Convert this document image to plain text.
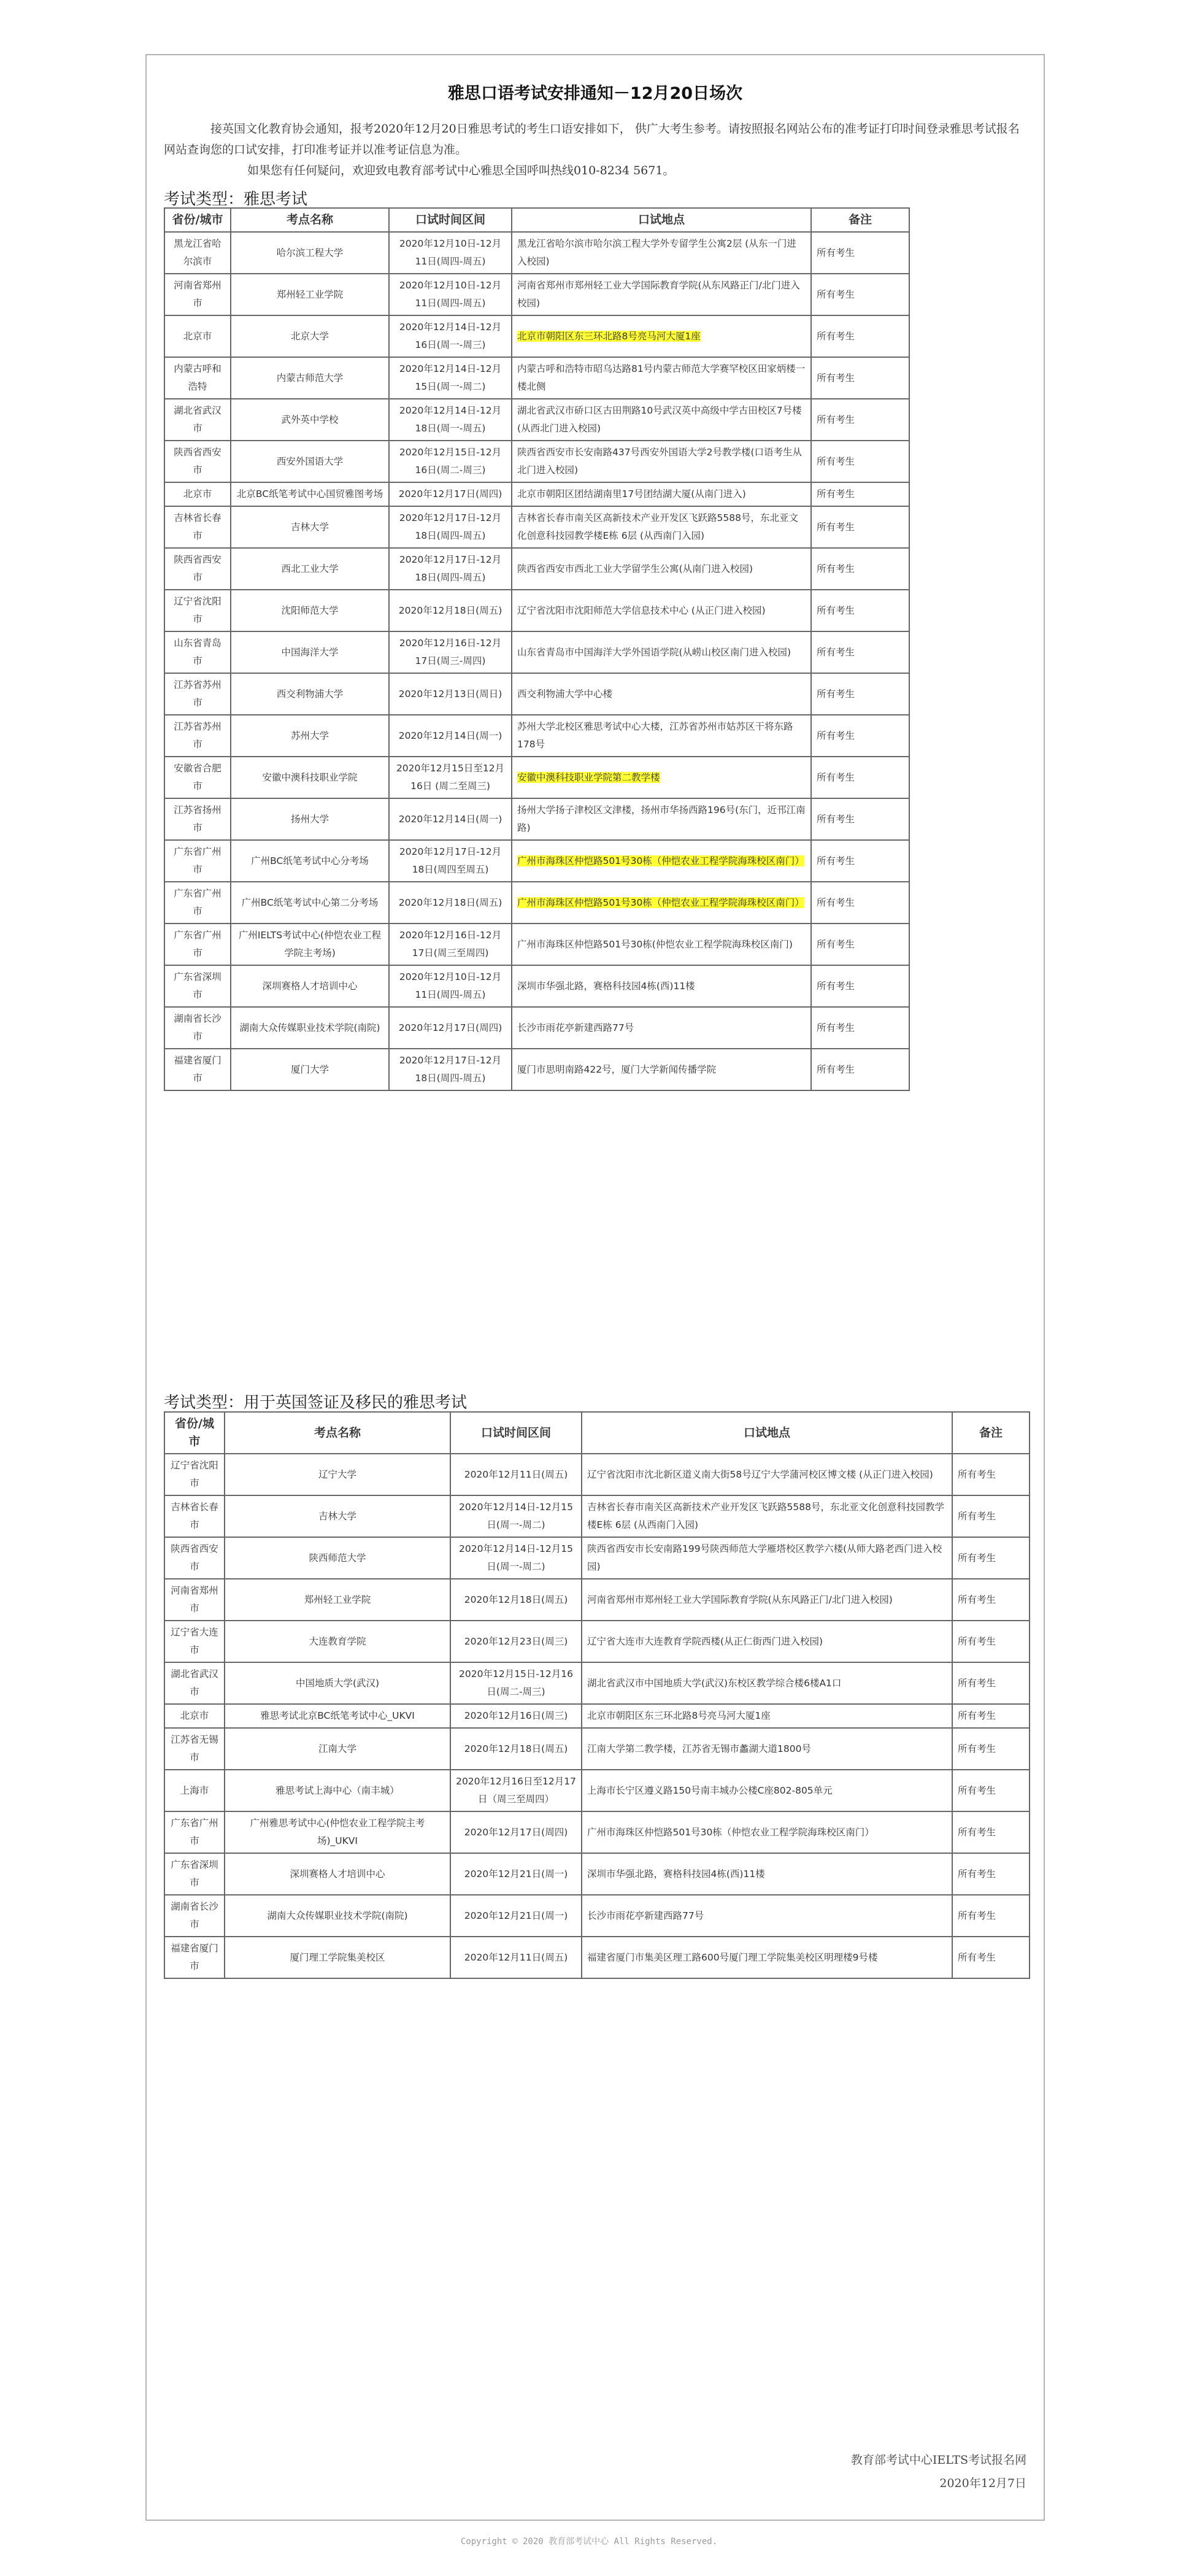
雅思口语考试安排通知－12月20日场次

接英国文化教育协会通知，报考2020年12月20日雅思考试的考生口语安排如下， 供广大考生参考。请按照报名网站公布的准考证打印时间登录雅思考试报名网站查询您的口试安排，打印准考证并以准考证信息为准。

如果您有任何疑问，欢迎致电教育部考试中心雅思全国呼叫热线010-8234 5671。

考试类型：雅思考试
省份/城市	考点名称	口试时间区间	口试地点	备注
黑龙江省哈尔滨市	哈尔滨工程大学	2020年12月10日-12月11日(周四-周五)	黑龙江省哈尔滨市哈尔滨工程大学外专留学生公寓2层 (从东一门进入校园)	所有考生
河南省郑州市	郑州轻工业学院	2020年12月10日-12月11日(周四-周五)	河南省郑州市郑州轻工业大学国际教育学院(从东风路正门/北门进入校园)	所有考生
北京市	北京大学	2020年12月14日-12月16日(周一-周三)	北京市朝阳区东三环北路8号亮马河大厦1座	所有考生
内蒙古呼和浩特	内蒙古师范大学	2020年12月14日-12月15日(周一-周二)	内蒙古呼和浩特市昭乌达路81号内蒙古师范大学赛罕校区田家炳楼一楼北侧	所有考生
湖北省武汉市	武外英中学校	2020年12月14日-12月18日(周一-周五)	湖北省武汉市硚口区古田荆路10号武汉英中高级中学古田校区7号楼(从西北门进入校园)	所有考生
陕西省西安市	西安外国语大学	2020年12月15日-12月16日(周二-周三)	陕西省西安市长安南路437号西安外国语大学2号教学楼(口语考生从北门进入校园)	所有考生
北京市	北京BC纸笔考试中心国贸雅图考场	2020年12月17日(周四)	北京市朝阳区团结湖南里17号团结湖大厦(从南门进入)	所有考生
吉林省长春市	吉林大学	2020年12月17日-12月18日(周四-周五)	吉林省长春市南关区高新技术产业开发区飞跃路5588号，东北亚文化创意科技园教学楼E栋 6层 (从西南门入园)	所有考生
陕西省西安市	西北工业大学	2020年12月17日-12月18日(周四-周五)	陕西省西安市西北工业大学留学生公寓(从南门进入校园)	所有考生
辽宁省沈阳市	沈阳师范大学	2020年12月18日(周五)	辽宁省沈阳市沈阳师范大学信息技术中心 (从正门进入校园)	所有考生
山东省青岛市	中国海洋大学	2020年12月16日-12月17日(周三-周四)	山东省青岛市中国海洋大学外国语学院(从崂山校区南门进入校园)	所有考生
江苏省苏州市	西交利物浦大学	2020年12月13日(周日)	西交利物浦大学中心楼	所有考生
江苏省苏州市	苏州大学	2020年12月14日(周一)	苏州大学北校区雅思考试中心大楼，江苏省苏州市姑苏区干将东路178号	所有考生
安徽省合肥市	安徽中澳科技职业学院	2020年12月15日至12月16日 (周二至周三)	安徽中澳科技职业学院第二教学楼	所有考生
江苏省扬州市	扬州大学	2020年12月14日(周一)	扬州大学扬子津校区文津楼，扬州市华扬西路196号(东门，近邗江南路)	所有考生
广东省广州市	广州BC纸笔考试中心分考场	2020年12月17日-12月18日(周四至周五)	广州市海珠区仲恺路501号30栋（仲恺农业工程学院海珠校区南门）	所有考生
广东省广州市	广州BC纸笔考试中心第二分考场	2020年12月18日(周五)	广州市海珠区仲恺路501号30栋（仲恺农业工程学院海珠校区南门）	所有考生
广东省广州市	广州IELTS考试中心(仲恺农业工程学院主考场)	2020年12月16日-12月17日(周三至周四)	广州市海珠区仲恺路501号30栋(仲恺农业工程学院海珠校区南门)	所有考生
广东省深圳市	深圳赛格人才培训中心	2020年12月10日-12月11日(周四-周五)	深圳市华强北路，赛格科技园4栋(西)11楼	所有考生
湖南省长沙市	湖南大众传媒职业技术学院(南院)	2020年12月17日(周四)	长沙市雨花亭新建西路77号	所有考生
福建省厦门市	厦门大学	2020年12月17日-12月18日(周四-周五)	厦门市思明南路422号，厦门大学新闻传播学院	所有考生
考试类型：用于英国签证及移民的雅思考试
省份/城市	考点名称	口试时间区间	口试地点	备注
辽宁省沈阳市	辽宁大学	2020年12月11日(周五)	辽宁省沈阳市沈北新区道义南大街58号辽宁大学蒲河校区博文楼 (从正门进入校园)	所有考生
吉林省长春市	吉林大学	2020年12月14日-12月15日(周一-周二)	吉林省长春市南关区高新技术产业开发区飞跃路5588号，东北亚文化创意科技园教学楼E栋 6层 (从西南门入园)	所有考生
陕西省西安市	陕西师范大学	2020年12月14日-12月15日(周一-周二)	陕西省西安市长安南路199号陕西师范大学雁塔校区教学六楼(从师大路老西门进入校园)	所有考生
河南省郑州市	郑州轻工业学院	2020年12月18日(周五)	河南省郑州市郑州轻工业大学国际教育学院(从东风路正门/北门进入校园)	所有考生
辽宁省大连市	大连教育学院	2020年12月23日(周三)	辽宁省大连市大连教育学院西楼(从正仁街西门进入校园)	所有考生
湖北省武汉市	中国地质大学(武汉)	2020年12月15日-12月16日(周二-周三)	湖北省武汉市中国地质大学(武汉)东校区教学综合楼6楼A1口	所有考生
北京市	雅思考试北京BC纸笔考试中心_UKVI	2020年12月16日(周三)	北京市朝阳区东三环北路8号亮马河大厦1座	所有考生
江苏省无锡市	江南大学	2020年12月18日(周五)	江南大学第二教学楼，江苏省无锡市蠡湖大道1800号	所有考生
上海市	雅思考试上海中心（南丰城）	2020年12月16日至12月17日（周三至周四）	上海市长宁区遵义路150号南丰城办公楼C座802-805单元	所有考生
广东省广州市	广州雅思考试中心(仲恺农业工程学院主考场)_UKVI	2020年12月17日(周四)	广州市海珠区仲恺路501号30栋（仲恺农业工程学院海珠校区南门）	所有考生
广东省深圳市	深圳赛格人才培训中心	2020年12月21日(周一)	深圳市华强北路，赛格科技园4栋(西)11楼	所有考生
湖南省长沙市	湖南大众传媒职业技术学院(南院)	2020年12月21日(周一)	长沙市雨花亭新建西路77号	所有考生
福建省厦门市	厦门理工学院集美校区	2020年12月11日(周五)	福建省厦门市集美区理工路600号厦门理工学院集美校区明理楼9号楼	所有考生
教育部考试中心IELTS考试报名网
2020年12月7日
Copyright © 2020 教育部考试中心 All Rights Reserved.
